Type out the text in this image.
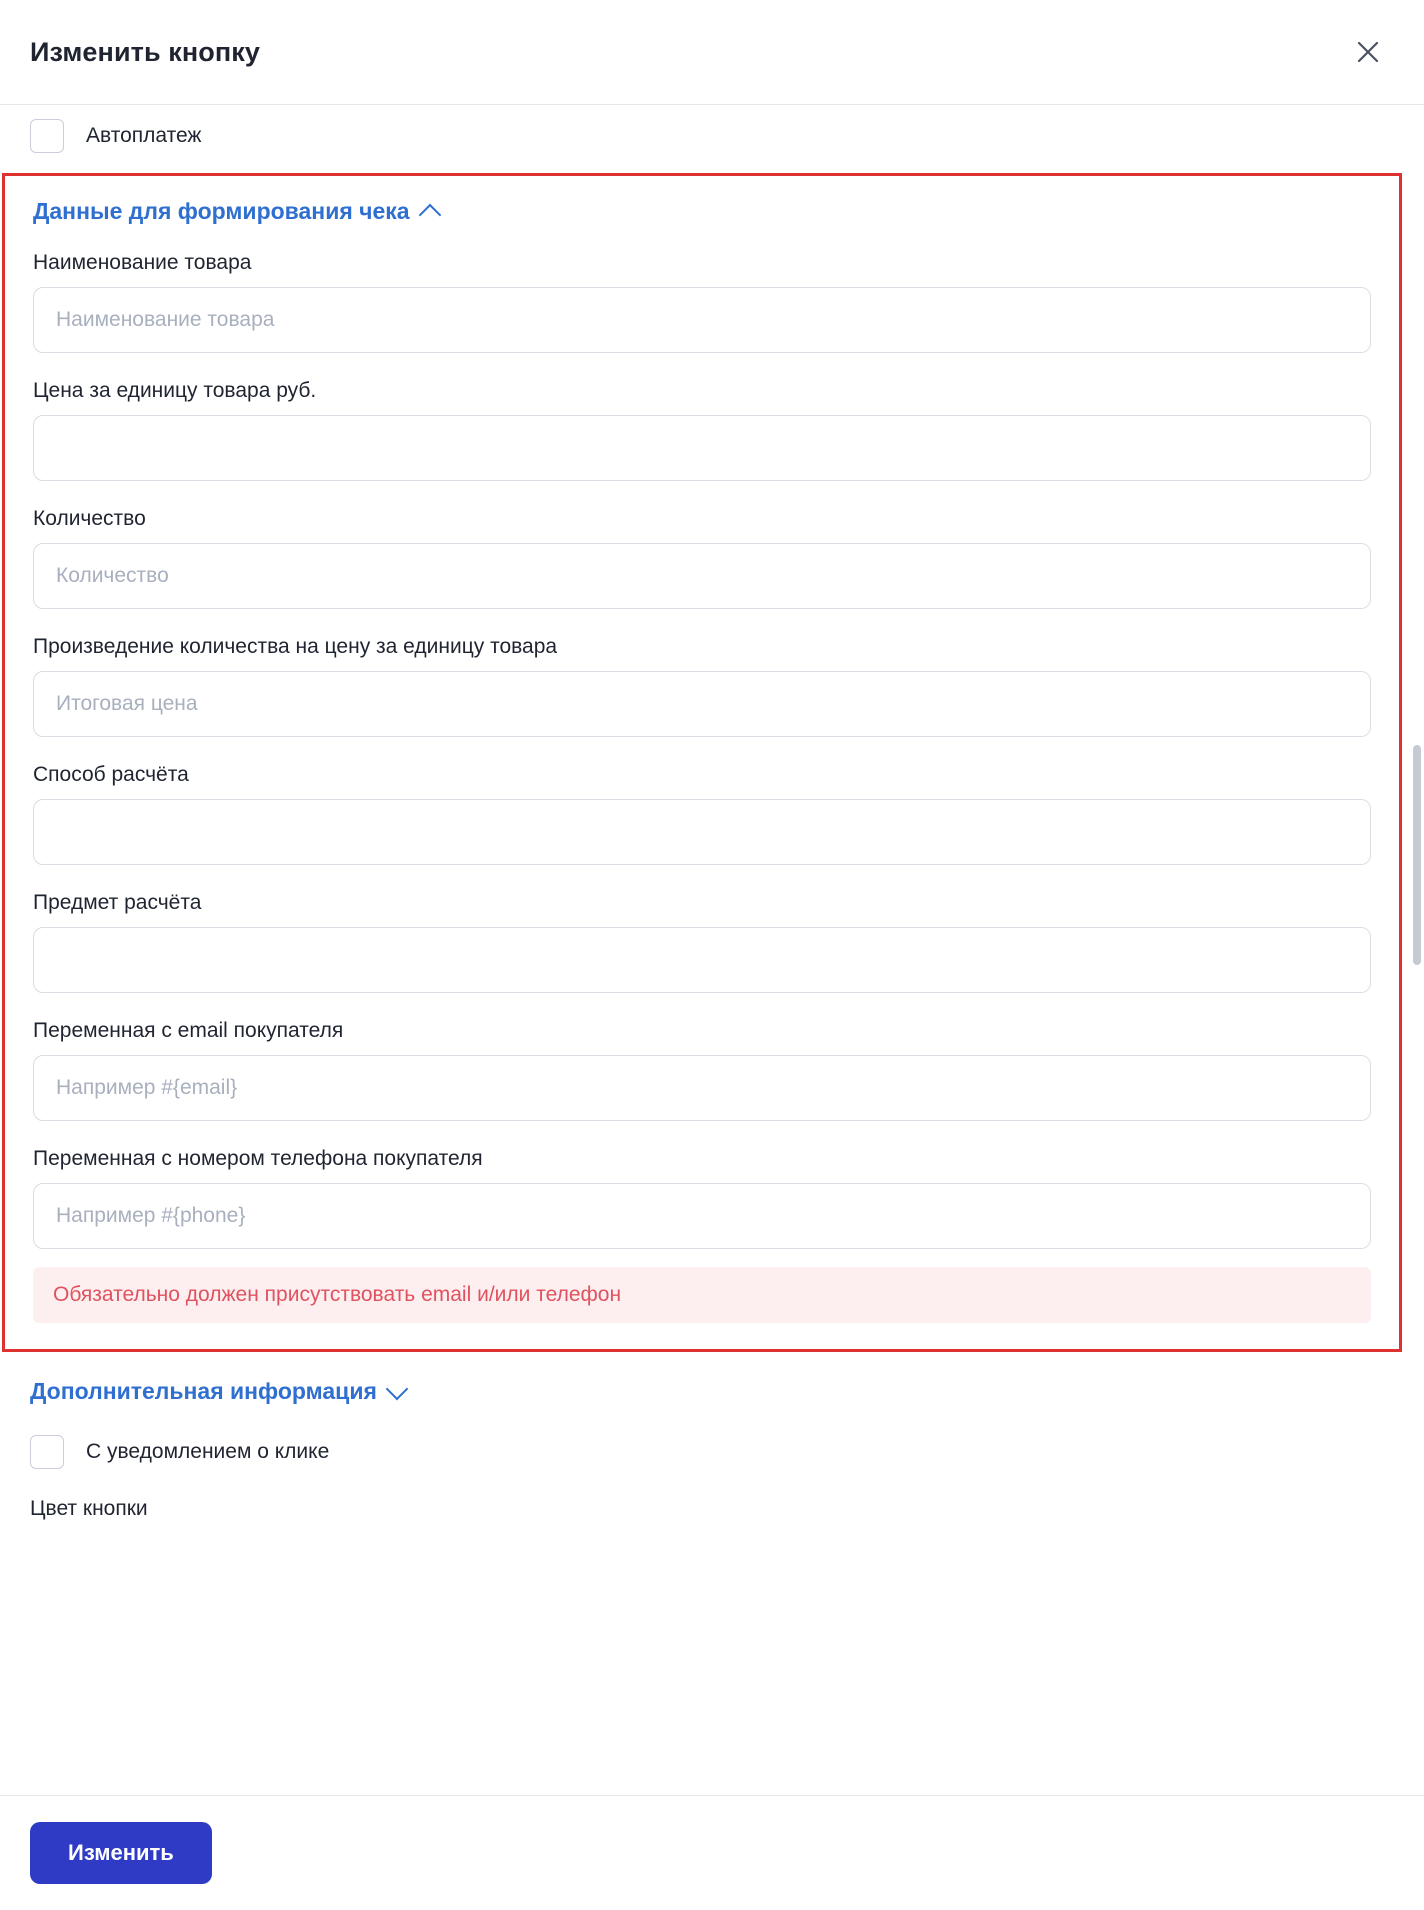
Изменить кнопку
Автоплатеж
Данные для формирования чека
Наименование товара
Наименование товара
Цена за единицу товара руб.
Количество
Количество
Произведение количества на цену за единицу товара
Итоговая цена
Способ расчёта
Предмет расчёта
Переменная с email покупателя
Например #{email}
Переменная с номером телефона покупателя
Например #{phone}
Обязательно должен присутствовать email и/или телефон
Дополнительная информация
С уведомлением о клике
Цвет кнопки
Изменить
